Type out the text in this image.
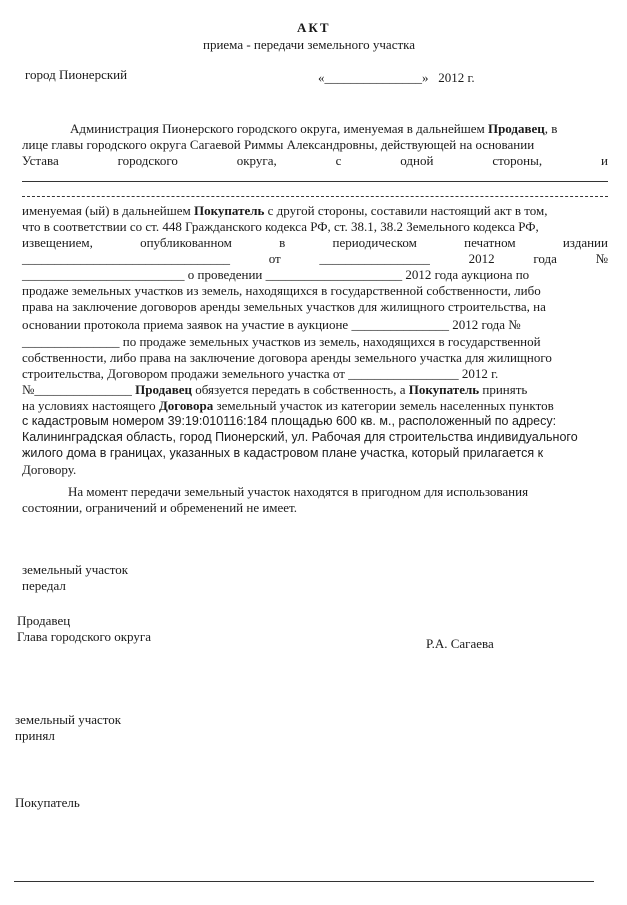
АКТ
приема - передачи земельного участка
город Пионерский	«_______________» 2012 г.
Администрация Пионерского городского округа, именуемая в дальнейшем Продавец, в
лице главы городского округа Сагаевой Риммы Александровны, действующей на основании
Устава	городского	округа,	с	одной	стороны,	и
именуемая (ый) в дальнейшем Покупатель с другой стороны, составили настоящий акт в том,
что в соответствии со ст. 448 Гражданского кодекса РФ, ст. 38.1, 38.2 Земельного кодекса РФ,
извещением,	опубликованном	в	периодическом	печатном	издании
________________________________	от	_________________	2012	года	№
_________________________ о проведении _____________________ 2012 года аукциона по
продаже земельных участков из земель, находящихся в государственной собственности, либо
права на заключение договоров аренды земельных участков для жилищного строительства, на
основании протокола приема заявок на участие в аукционе _______________ 2012 года №
_______________ по продаже земельных участков из земель, находящихся в государственной
собственности, либо права на заключение договора аренды земельного участка для жилищного
строительства, Договором продажи земельного участка от _________________ 2012 г.
№_______________ Продавец обязуется передать в собственность, а Покупатель принять
на условиях настоящего Договора земельный участок из категории земель населенных пунктов
с кадастровым номером 39:19:010116:184 площадью 600 кв. м., расположенный по адресу:
Калининградская область, город Пионерский, ул. Рабочая для строительства индивидуального
жилого дома в границах, указанных в кадастровом плане участка, который прилагается к
Договору.
На момент передачи земельный участок находятся в пригодном для использования
состоянии, ограничений и обременений не имеет.
земельный участок
передал
Продавец
Глава городского округа	Р.А. Сагаева
земельный участок
принял
Покупатель
